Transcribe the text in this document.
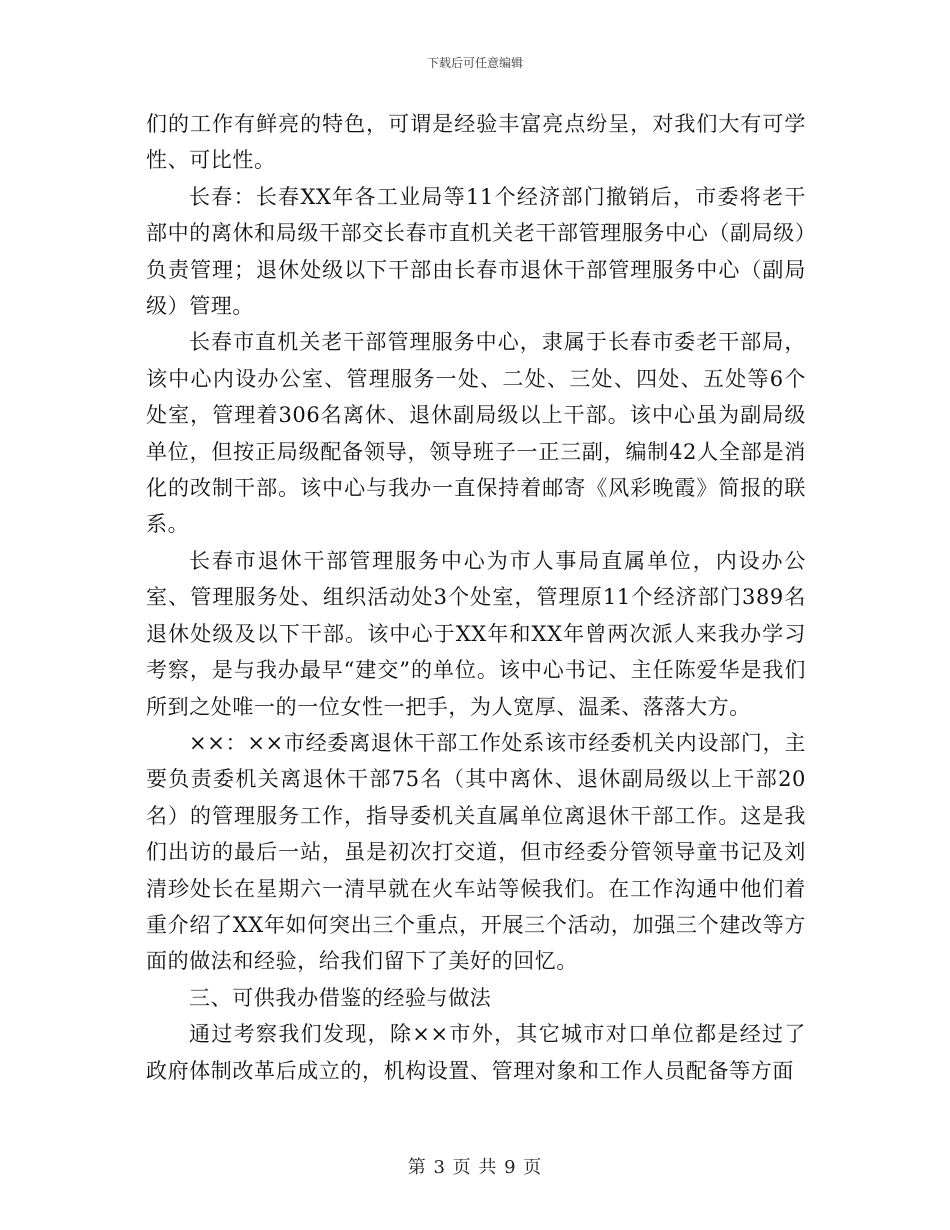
下载后可任意编辑

们的工作有鲜亮的特色，可谓是经验丰富亮点纷呈，对我们大有可学性、可比性。

长春：长春XX年各工业局等11个经济部门撤销后，市委将老干部中的离休和局级干部交长春市直机关老干部管理服务中心（副局级）负责管理；退休处级以下干部由长春市退休干部管理服务中心（副局级）管理。

长春市直机关老干部管理服务中心，隶属于长春市委老干部局，该中心内设办公室、管理服务一处、二处、三处、四处、五处等6个处室，管理着306名离休、退休副局级以上干部。该中心虽为副局级单位，但按正局级配备领导，领导班子一正三副，编制42人全部是消化的改制干部。该中心与我办一直保持着邮寄《风彩晚霞》简报的联系。

长春市退休干部管理服务中心为市人事局直属单位，内设办公室、管理服务处、组织活动处3个处室，管理原11个经济部门389名退休处级及以下干部。该中心于XX年和XX年曾两次派人来我办学习考察，是与我办最早“建交”的单位。该中心书记、主任陈爱华是我们所到之处唯一的一位女性一把手，为人宽厚、温柔、落落大方。

××：××市经委离退休干部工作处系该市经委机关内设部门，主要负责委机关离退休干部75名（其中离休、退休副局级以上干部20名）的管理服务工作，指导委机关直属单位离退休干部工作。这是我们出访的最后一站，虽是初次打交道，但市经委分管领导童书记及刘清珍处长在星期六一清早就在火车站等候我们。在工作沟通中他们着重介绍了XX年如何突出三个重点，开展三个活动，加强三个建改等方面的做法和经验，给我们留下了美好的回忆。

三、可供我办借鉴的经验与做法

通过考察我们发现，除××市外，其它城市对口单位都是经过了政府体制改革后成立的，机构设置、管理对象和工作人员配备等方面

第 3 页 共 9 页
